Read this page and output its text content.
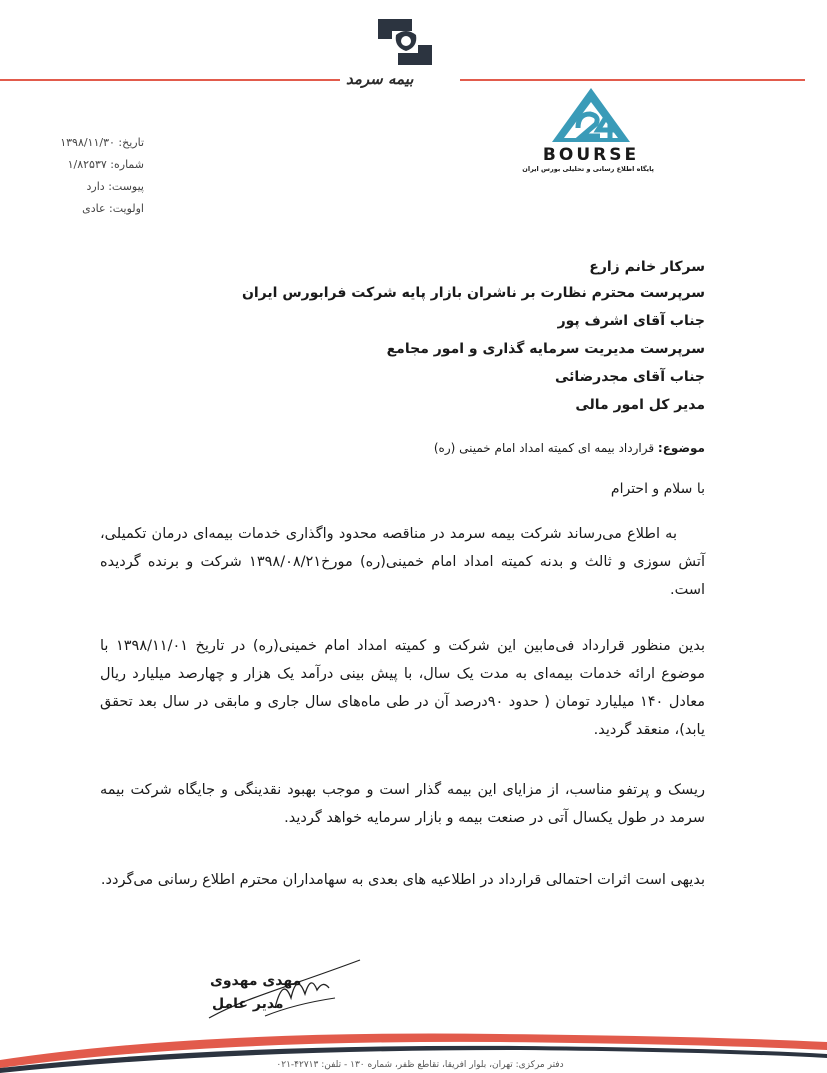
بیمه سرمد
BOURSE
پایگاه اطلاع رسانی و تحلیلی بورس ایران
تاریخ: ۱۳۹۸/۱۱/۳۰
شماره: ۱/۸۲۵۳۷
پیوست: دارد
اولویت: عادی
سرکار خانم زارع
سرپرست محترم نظارت بر ناشران بازار پایه شرکت فرابورس ایران
جناب آقای اشرف پور
سرپرست مدیریت سرمایه گذاری و امور مجامع
جناب آقای مجدرضائی
مدیر کل امور مالی
موضوع: قرارداد بیمه ای کمیته امداد امام خمینی (ره)
با سلام و احترام
به اطلاع می‌رساند شرکت بیمه سرمد در مناقصه محدود واگذاری خدمات بیمه‌ای درمان تکمیلی، آتش سوزی و ثالث و بدنه کمیته امداد امام خمینی(ره) مورخ۱۳۹۸/۰۸/۲۱ شرکت و برنده گردیده است.
بدین منظور قرارداد فی‌مابین این شرکت و کمیته امداد امام خمینی(ره) در تاریخ ۱۳۹۸/۱۱/۰۱ با موضوع ارائه خدمات بیمه‌ای به مدت یک سال، با پیش بینی درآمد یک هزار و چهارصد میلیارد ریال معادل ۱۴۰ میلیارد تومان ( حدود ۹۰درصد آن در طی ماه‌های سال جاری و مابقی در سال بعد تحقق یابد)، منعقد گردید.
ریسک و پرتفو مناسب، از مزایای این بیمه گذار است و موجب بهبود نقدینگی و جایگاه شرکت بیمه سرمد در طول یکسال آتی در صنعت بیمه و بازار سرمایه خواهد گردید.
بدیهی است اثرات احتمالی قرارداد در اطلاعیه های بعدی به سهامداران محترم اطلاع رسانی می‌گردد.
مهدی مهدوی
مدیر عامل
دفتر مرکزی: تهران، بلوار آفریقا، تقاطع ظفر، شماره ۱۳۰ - تلفن: ۴۲۷۱۳-۰۲۱
